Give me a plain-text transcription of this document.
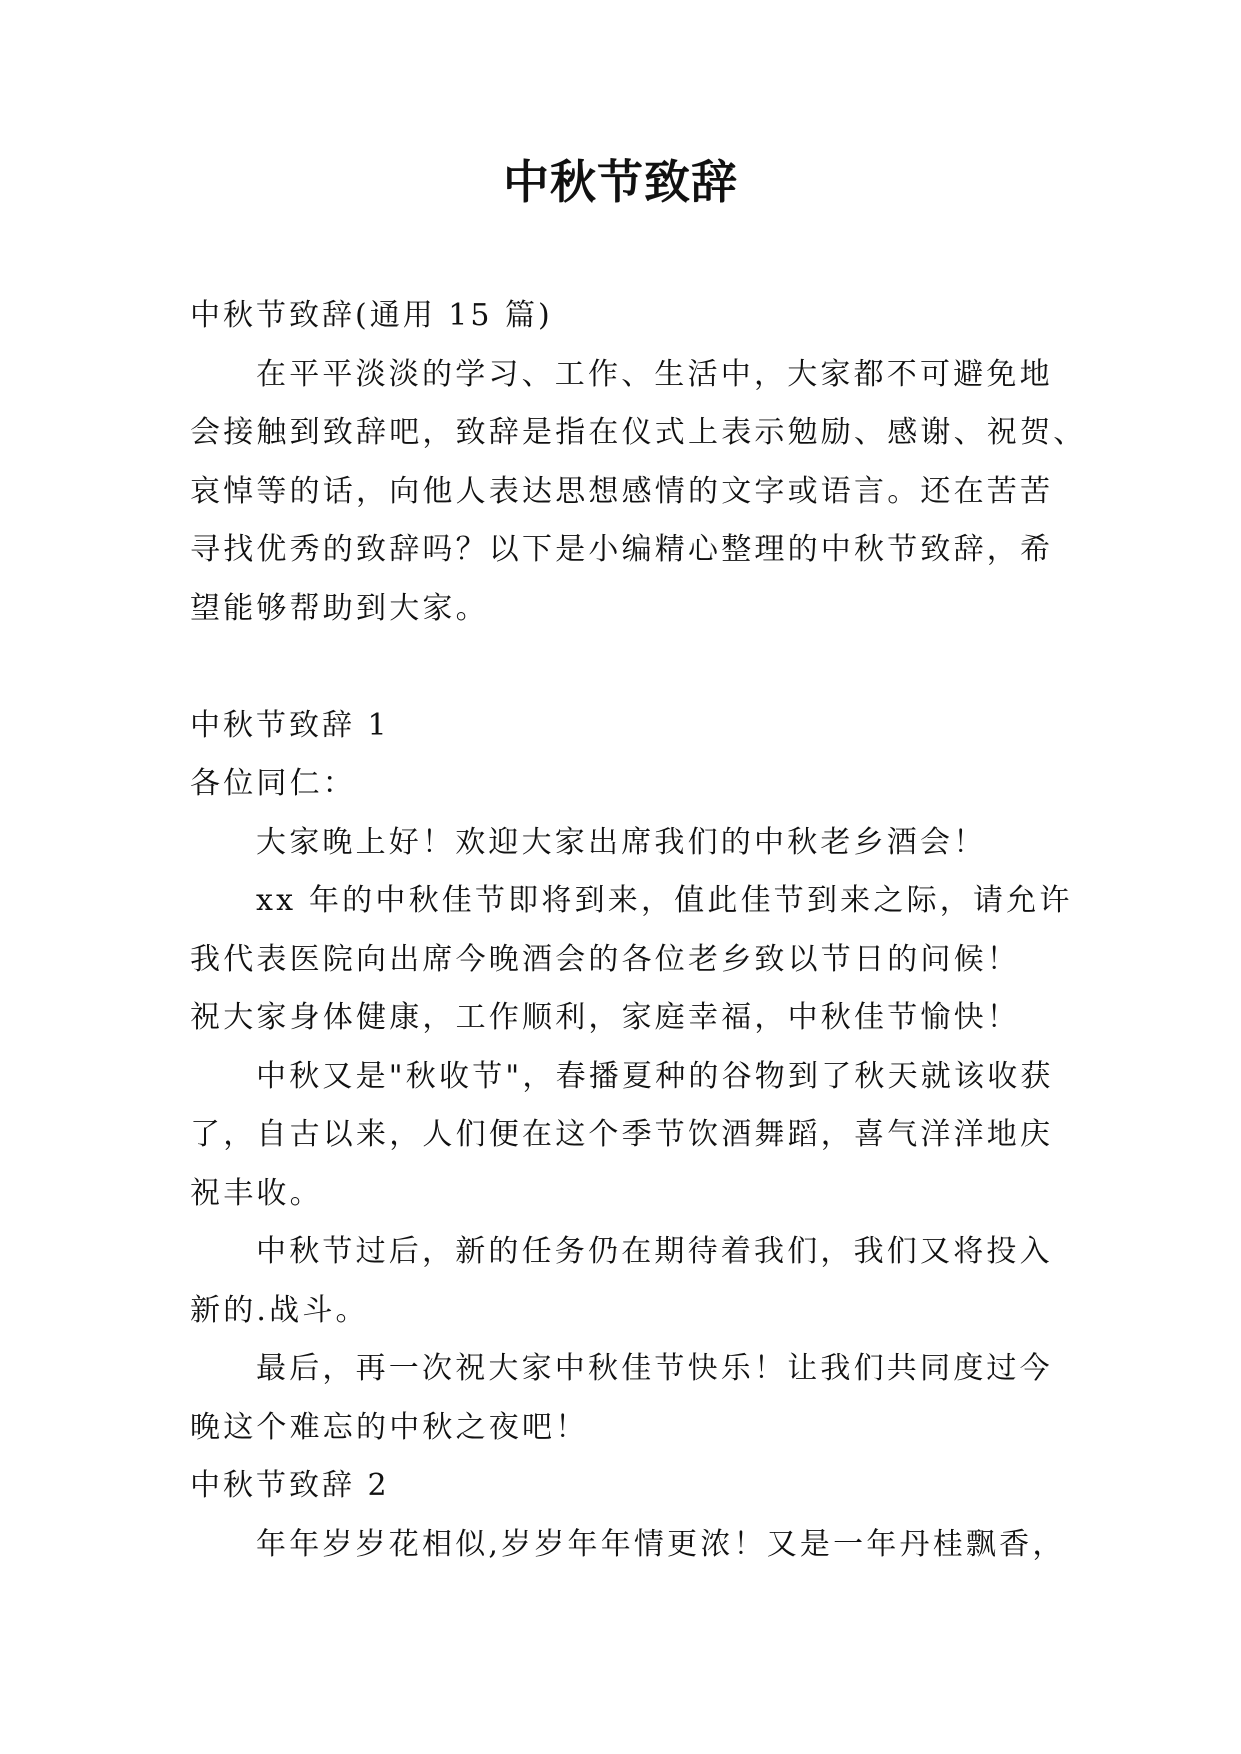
中秋节致辞
中秋节致辞(通用 15 篇)
在平平淡淡的学习、工作、生活中，大家都不可避免地
会接触到致辞吧，致辞是指在仪式上表示勉励、感谢、祝贺、
哀悼等的话，向他人表达思想感情的文字或语言。还在苦苦
寻找优秀的致辞吗？以下是小编精心整理的中秋节致辞，希
望能够帮助到大家。
中秋节致辞 1
各位同仁：
大家晚上好！欢迎大家出席我们的中秋老乡酒会！
xx 年的中秋佳节即将到来，值此佳节到来之际，请允许
我代表医院向出席今晚酒会的各位老乡致以节日的问候！
祝大家身体健康，工作顺利，家庭幸福，中秋佳节愉快！
中秋又是"秋收节"，春播夏种的谷物到了秋天就该收获
了，自古以来，人们便在这个季节饮酒舞蹈，喜气洋洋地庆
祝丰收。
中秋节过后，新的任务仍在期待着我们，我们又将投入
新的.战斗。
最后，再一次祝大家中秋佳节快乐！让我们共同度过今
晚这个难忘的中秋之夜吧！
中秋节致辞 2
年年岁岁花相似,岁岁年年情更浓！又是一年丹桂飘香，
